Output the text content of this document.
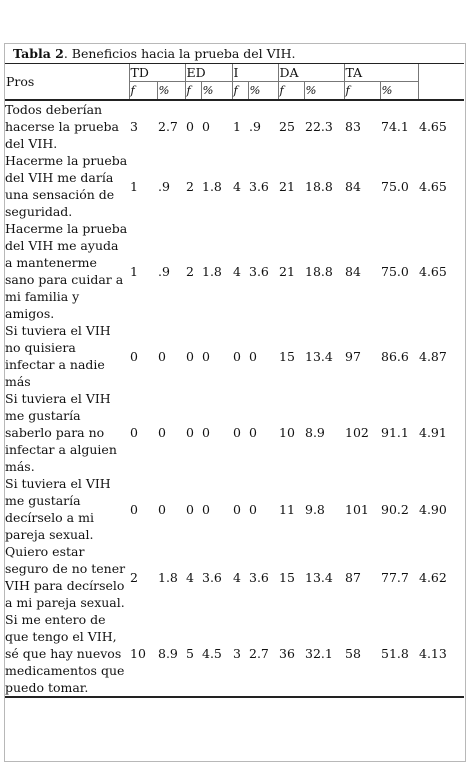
Tabla 2. Beneficios hacia la prueba del VIH.											
Pros	TD		ED		I		DA		TA		
	f	%	f	%	f	%	f	%	f	%	
Todos deberían hacerse la prueba del VIH.	3	2.7	0	0	1	.9	25	22.3	83	74.1	4.65
Hacerme la prueba del VIH me daría una sensación de seguridad.	1	.9	2	1.8	4	3.6	21	18.8	84	75.0	4.65
Hacerme la prueba del VIH me ayuda a mantenerme sano para cuidar a mi familia y amigos.	1	.9	2	1.8	4	3.6	21	18.8	84	75.0	4.65
Si tuviera el VIH no quisiera infectar a nadie más	0	0	0	0	0	0	15	13.4	97	86.6	4.87
Si tuviera el VIH me gustaría saberlo para no infectar a alguien más.	0	0	0	0	0	0	10	8.9	102	91.1	4.91
Si tuviera el VIH me gustaría decírselo a mi pareja sexual.	0	0	0	0	0	0	11	9.8	101	90.2	4.90
Quiero estar seguro de no tener VIH para decírselo a mi pareja sexual.	2	1.8	4	3.6	4	3.6	15	13.4	87	77.7	4.62
Si me entero de que tengo el VIH, sé que hay nuevos medicamentos que puedo tomar.	10	8.9	5	4.5	3	2.7	36	32.1	58	51.8	4.13
